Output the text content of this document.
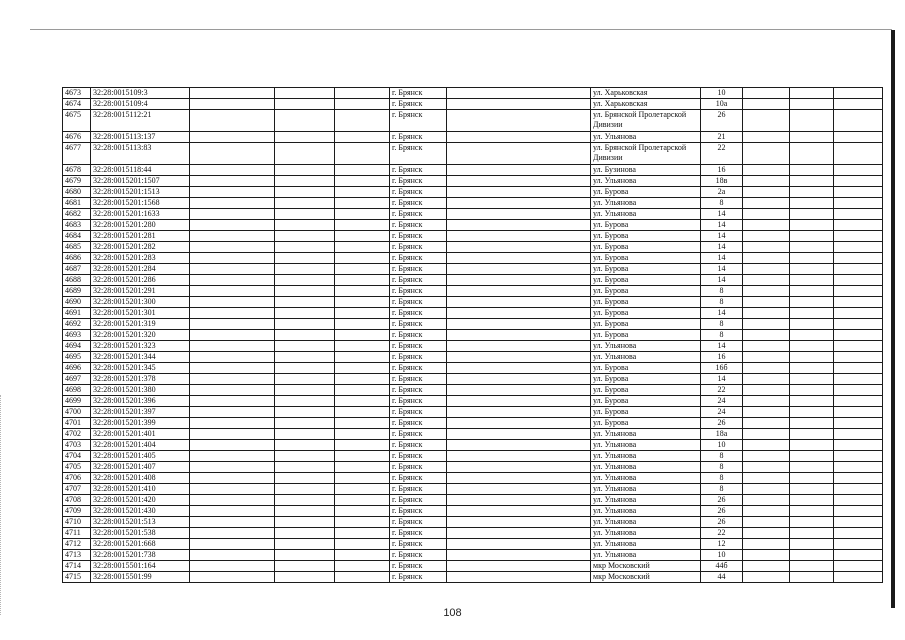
4673	32:28:0015109:3				г. Брянск		ул. Харьковская	10			
4674	32:28:0015109:4				г. Брянск		ул. Харьковская	10а			
4675	32:28:0015112:21				г. Брянск		ул. Брянской Пролетарской Дивизии	26			
4676	32:28:0015113:137				г. Брянск		ул. Ульянова	21			
4677	32:28:0015113:83				г. Брянск		ул. Брянской Пролетарской Дивизии	22			
4678	32:28:0015118:44				г. Брянск		ул. Бузинова	16			
4679	32:28:0015201:1507				г. Брянск		ул. Ульянова	18в			
4680	32:28:0015201:1513				г. Брянск		ул. Бурова	2а			
4681	32:28:0015201:1568				г. Брянск		ул. Ульянова	8			
4682	32:28:0015201:1633				г. Брянск		ул. Ульянова	14			
4683	32:28:0015201:280				г. Брянск		ул. Бурова	14			
4684	32:28:0015201:281				г. Брянск		ул. Бурова	14			
4685	32:28:0015201:282				г. Брянск		ул. Бурова	14			
4686	32:28:0015201:283				г. Брянск		ул. Бурова	14			
4687	32:28:0015201:284				г. Брянск		ул. Бурова	14			
4688	32:28:0015201:286				г. Брянск		ул. Бурова	14			
4689	32:28:0015201:291				г. Брянск		ул. Бурова	8			
4690	32:28:0015201:300				г. Брянск		ул. Бурова	8			
4691	32:28:0015201:301				г. Брянск		ул. Бурова	14			
4692	32:28:0015201:319				г. Брянск		ул. Бурова	8			
4693	32:28:0015201:320				г. Брянск		ул. Бурова	8			
4694	32:28:0015201:323				г. Брянск		ул. Ульянова	14			
4695	32:28:0015201:344				г. Брянск		ул. Ульянова	16			
4696	32:28:0015201:345				г. Брянск		ул. Бурова	16б			
4697	32:28:0015201:378				г. Брянск		ул. Бурова	14			
4698	32:28:0015201:380				г. Брянск		ул. Бурова	22			
4699	32:28:0015201:396				г. Брянск		ул. Бурова	24			
4700	32:28:0015201:397				г. Брянск		ул. Бурова	24			
4701	32:28:0015201:399				г. Брянск		ул. Бурова	26			
4702	32:28:0015201:401				г. Брянск		ул. Ульянова	18а			
4703	32:28:0015201:404				г. Брянск		ул. Ульянова	10			
4704	32:28:0015201:405				г. Брянск		ул. Ульянова	8			
4705	32:28:0015201:407				г. Брянск		ул. Ульянова	8			
4706	32:28:0015201:408				г. Брянск		ул. Ульянова	8			
4707	32:28:0015201:410				г. Брянск		ул. Ульянова	8			
4708	32:28:0015201:420				г. Брянск		ул. Ульянова	26			
4709	32:28:0015201:430				г. Брянск		ул. Ульянова	26			
4710	32:28:0015201:513				г. Брянск		ул. Ульянова	26			
4711	32:28:0015201:538				г. Брянск		ул. Ульянова	22			
4712	32:28:0015201:668				г. Брянск		ул. Ульянова	12			
4713	32:28:0015201:738				г. Брянск		ул. Ульянова	10			
4714	32:28:0015501:164				г. Брянск		мкр Московский	44б			
4715	32:28:0015501:99				г. Брянск		мкр Московский	44			
108
